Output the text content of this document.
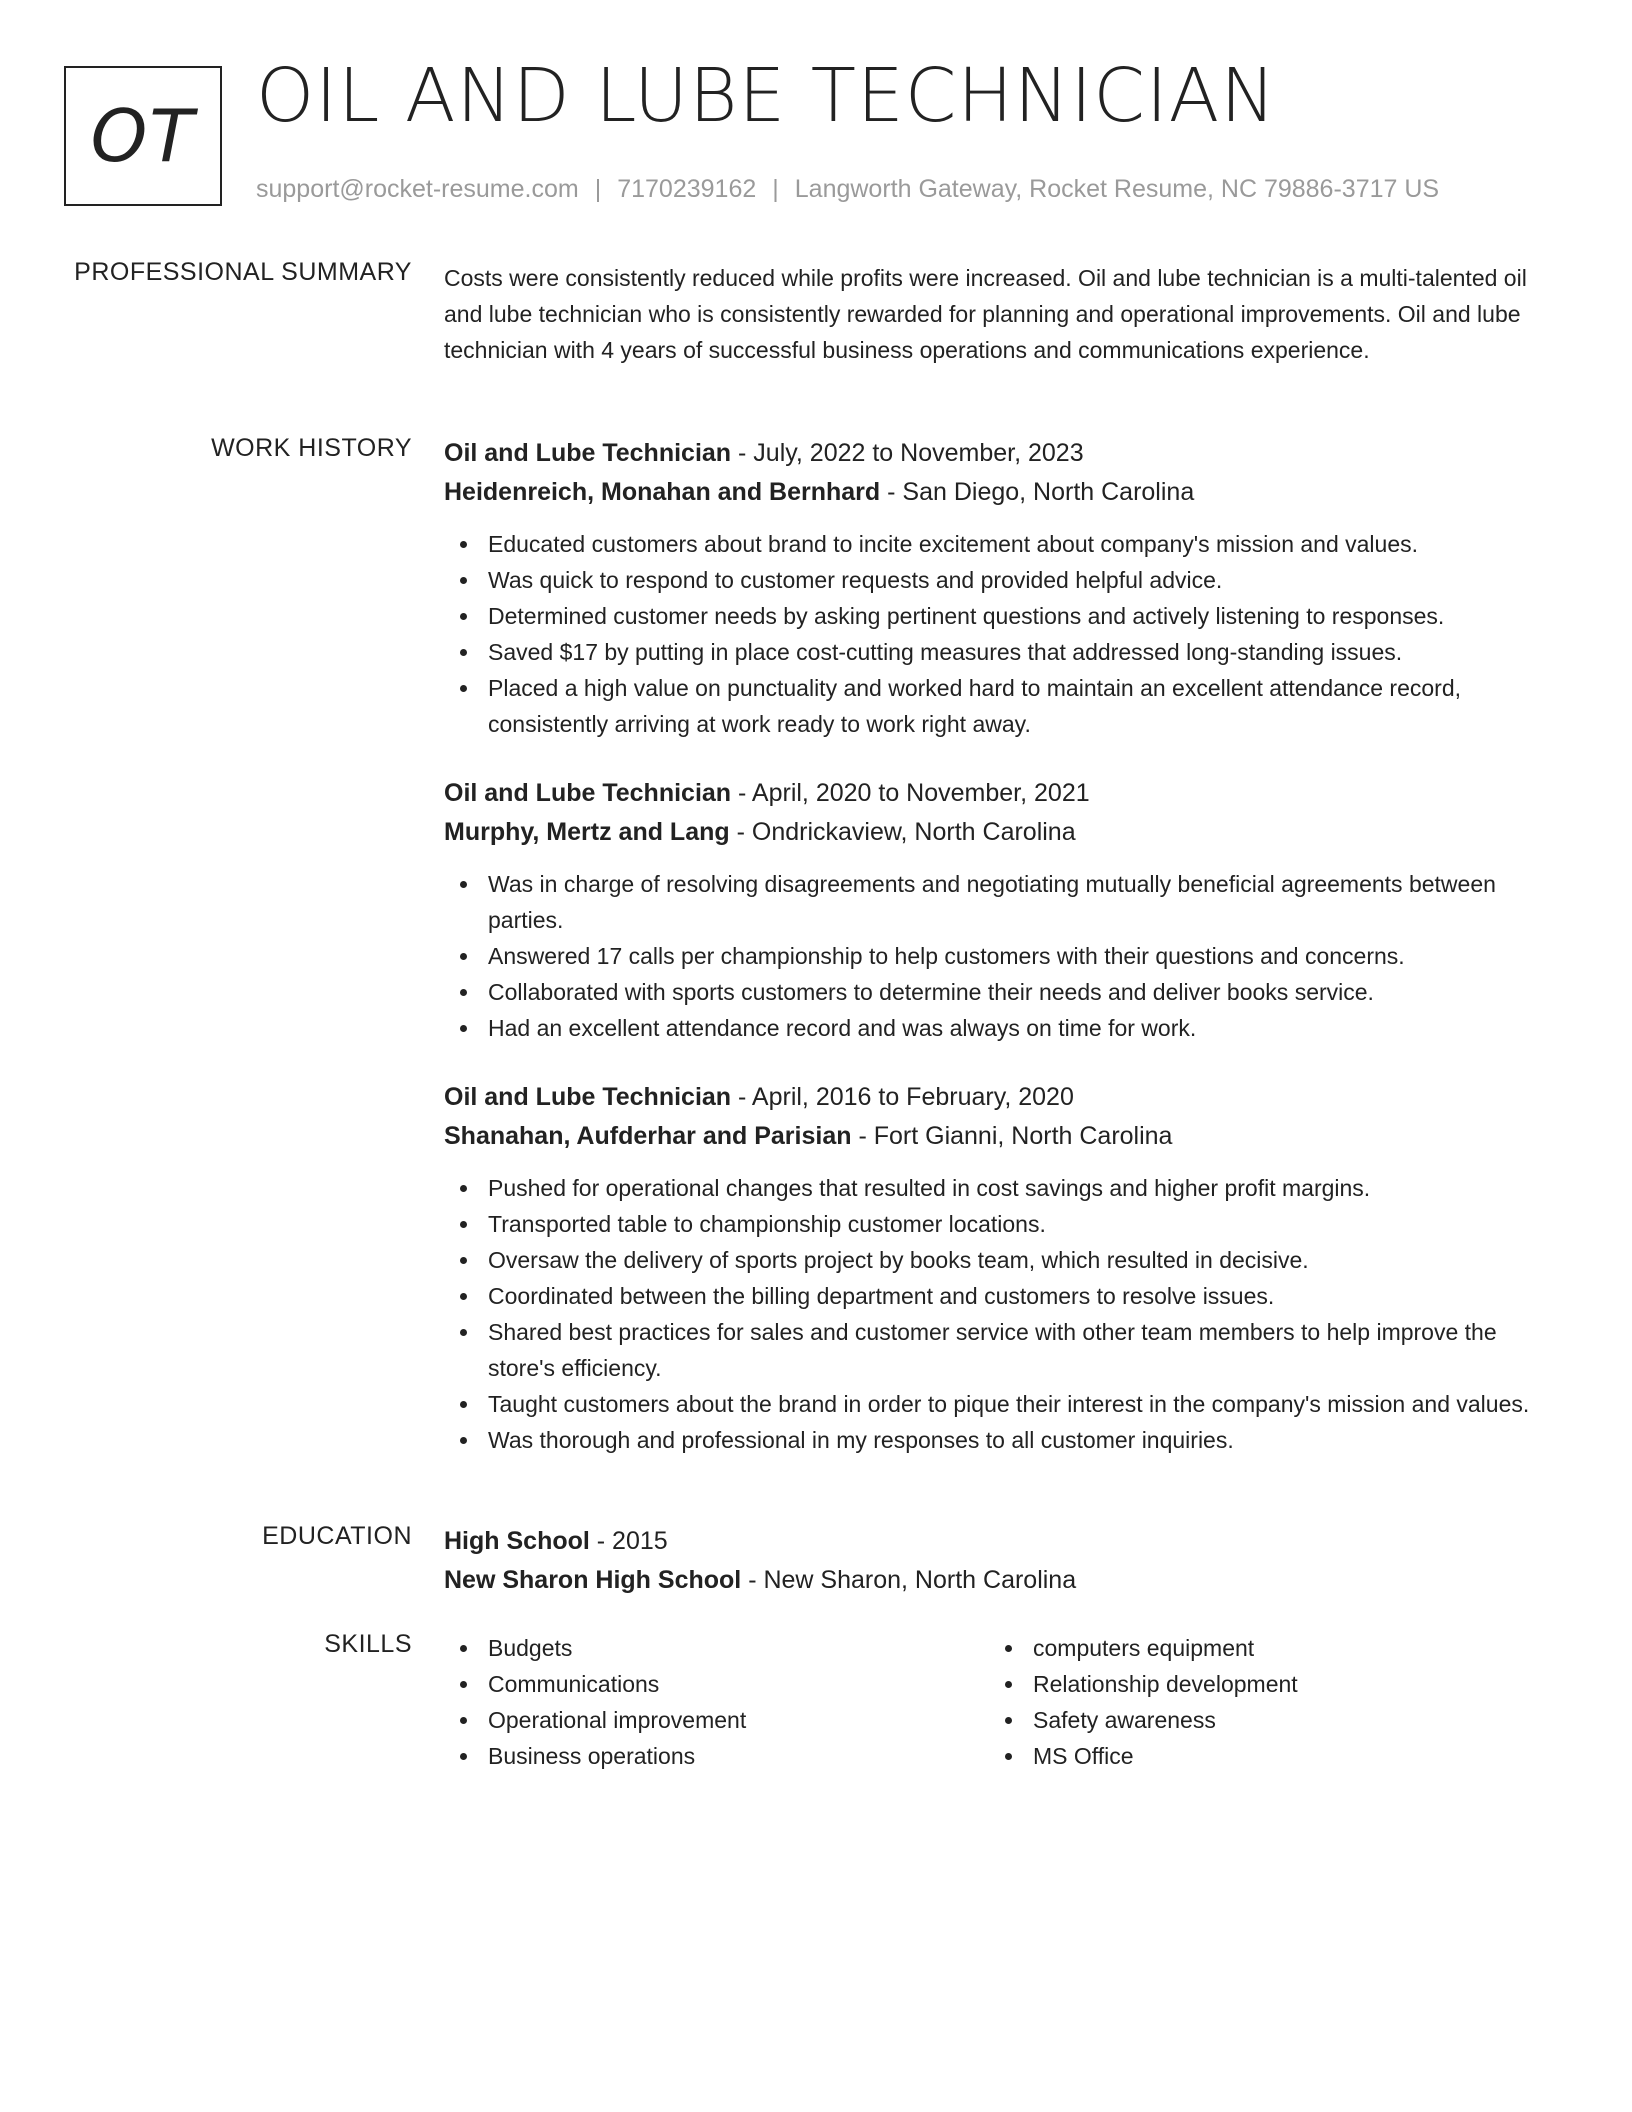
OT OIL AND LUBE TECHNICIAN
support@rocket-resume.com | 7170239162 | Langworth Gateway, Rocket Resume, NC 79886-3717 US
PROFESSIONAL SUMMARY Costs were consistently reduced while profits were increased. Oil and lube technician is a multi-talented oil and lube technician who is consistently rewarded for planning and operational improvements. Oil and lube technician with 4 years of successful business operations and communications experience.

WORK HISTORY Oil and Lube Technician - July, 2022 to November, 2023
Heidenreich, Monahan and Bernhard - San Diego, North Carolina
Educated customers about brand to incite excitement about company's mission and values.
Was quick to respond to customer requests and provided helpful advice.
Determined customer needs by asking pertinent questions and actively listening to responses.
Saved $17 by putting in place cost-cutting measures that addressed long-standing issues.
Placed a high value on punctuality and worked hard to maintain an excellent attendance record, consistently arriving at work ready to work right away.
Oil and Lube Technician - April, 2020 to November, 2021
Murphy, Mertz and Lang - Ondrickaview, North Carolina
Was in charge of resolving disagreements and negotiating mutually beneficial agreements between parties.
Answered 17 calls per championship to help customers with their questions and concerns.
Collaborated with sports customers to determine their needs and deliver books service.
Had an excellent attendance record and was always on time for work.
Oil and Lube Technician - April, 2016 to February, 2020
Shanahan, Aufderhar and Parisian - Fort Gianni, North Carolina
Pushed for operational changes that resulted in cost savings and higher profit margins.
Transported table to championship customer locations.
Oversaw the delivery of sports project by books team, which resulted in decisive.
Coordinated between the billing department and customers to resolve issues.
Shared best practices for sales and customer service with other team members to help improve the store's efficiency.
Taught customers about the brand in order to pique their interest in the company's mission and values.
Was thorough and professional in my responses to all customer inquiries.
EDUCATION High School - 2015
New Sharon High School - New Sharon, North Carolina
SKILLS	Budgets
Communications
Operational improvement
Business operations
computers equipment
Relationship development
Safety awareness
MS Office
